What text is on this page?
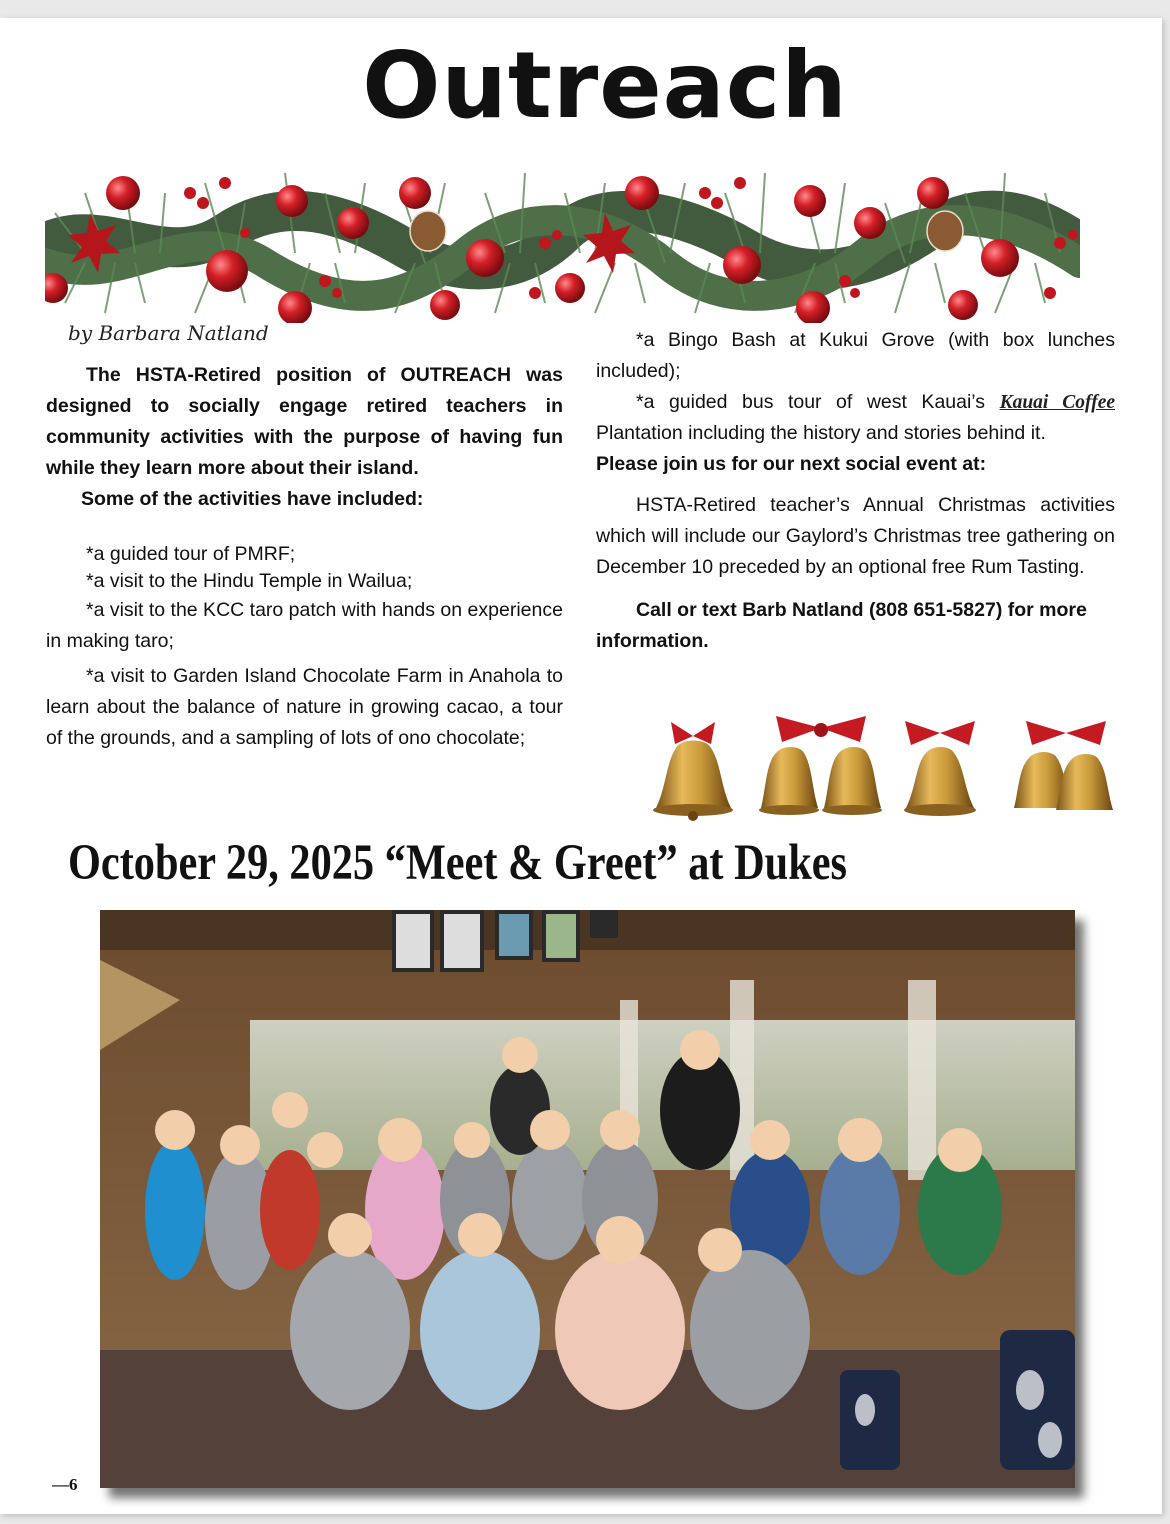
Outreach
by Barbara Natland

The HSTA-Retired position of OUTREACH was designed to socially engage retired teachers in community activities with the purpose of having fun while they learn more about their island.

Some of the activities have included:

*a guided tour of PMRF;

*a visit to the Hindu Temple in Wailua;

*a visit to the KCC taro patch with hands on experience in making taro;

*a visit to Garden Island Chocolate Farm in Anahola to learn about the balance of nature in growing cacao, a tour of the grounds, and a sampling of lots of ono chocolate;

*a Bingo Bash at Kukui Grove (with box lunches included);

*a guided bus tour of west Kauai’s Kauai Coffee Plantation including the history and stories behind it.

Please join us for our next social event at:

HSTA-Retired teacher’s Annual Christmas activities which will include our Gaylord’s Christmas tree gathering on December 10 preceded by an optional free Rum Tasting.

Call or text Barb Natland (808 651-5827) for more information.

October 29, 2025 “Meet & Greet” at Dukes
—6
